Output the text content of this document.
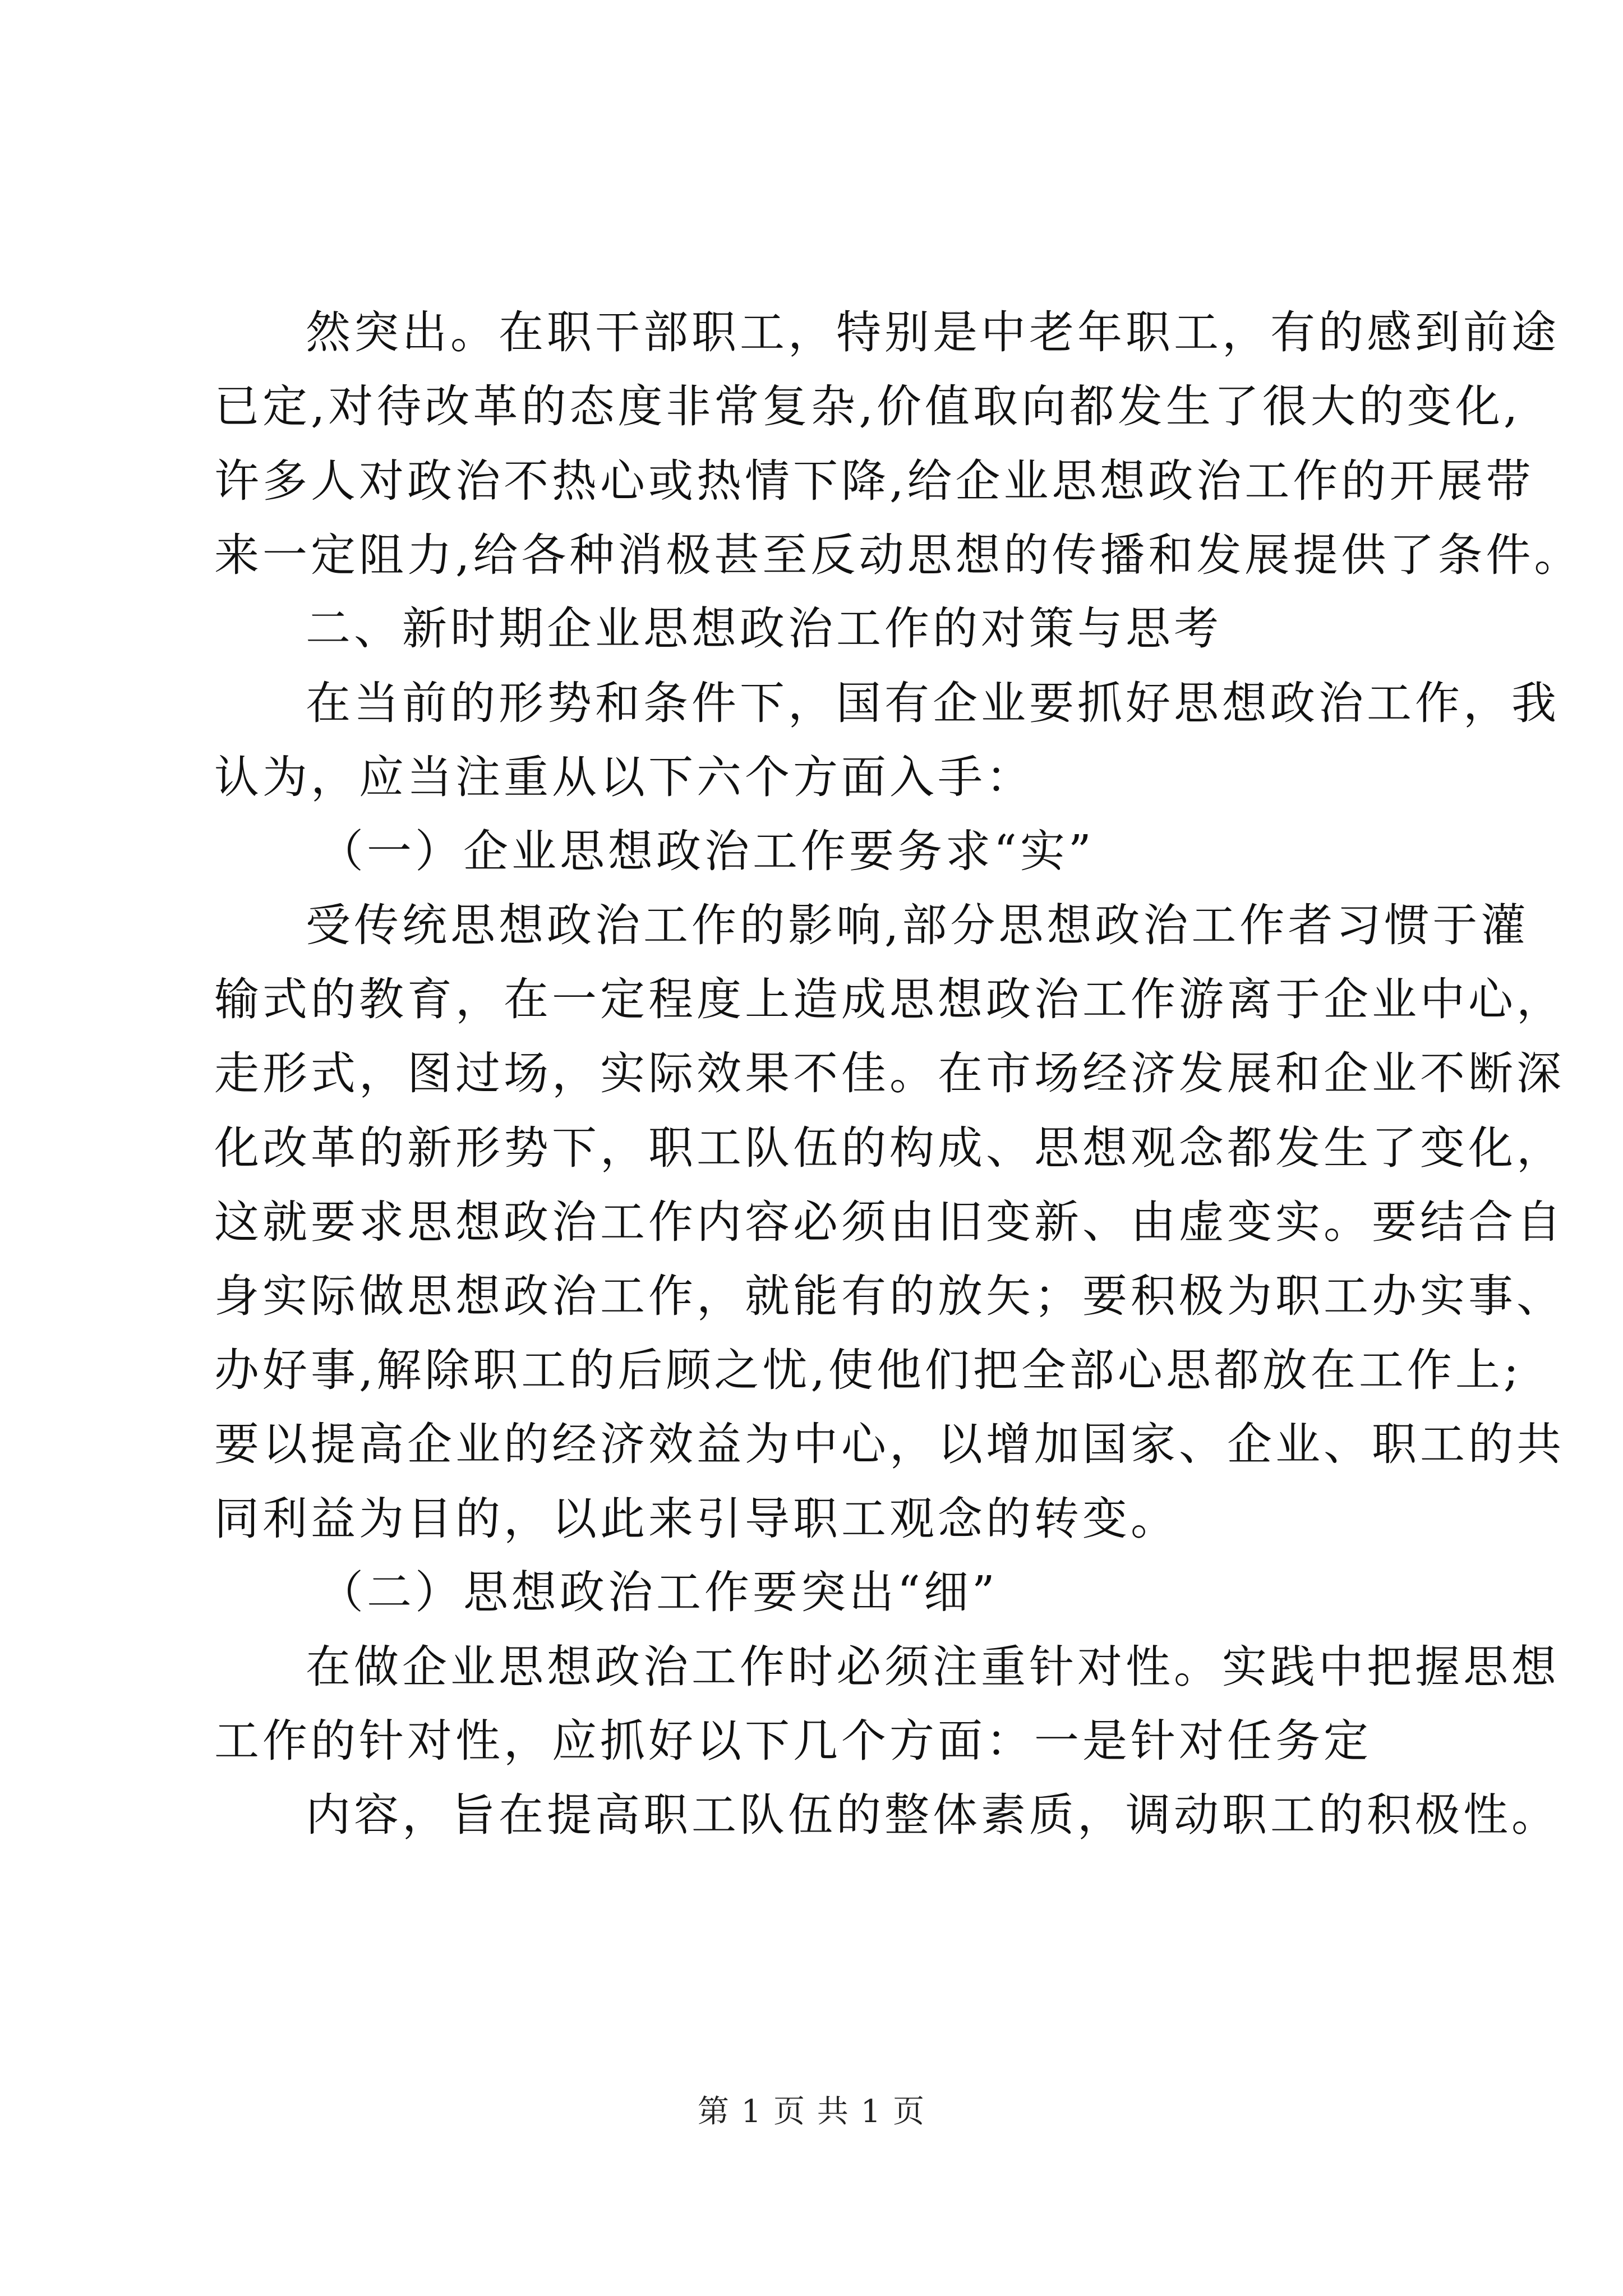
然突出。在职干部职工，特别是中老年职工，有的感到前途
已定,对待改革的态度非常复杂,价值取向都发生了很大的变化,
许多人对政治不热心或热情下降,给企业思想政治工作的开展带
来一定阻力,给各种消极甚至反动思想的传播和发展提供了条件。
二、新时期企业思想政治工作的对策与思考
在当前的形势和条件下，国有企业要抓好思想政治工作，我
认为，应当注重从以下六个方面入手：
（一）企业思想政治工作要务求“实”
受传统思想政治工作的影响,部分思想政治工作者习惯于灌
输式的教育，在一定程度上造成思想政治工作游离于企业中心，
走形式，图过场，实际效果不佳。在市场经济发展和企业不断深
化改革的新形势下，职工队伍的构成、思想观念都发生了变化，
这就要求思想政治工作内容必须由旧变新、由虚变实。要结合自
身实际做思想政治工作，就能有的放矢；要积极为职工办实事、
办好事,解除职工的后顾之忧,使他们把全部心思都放在工作上;
要以提高企业的经济效益为中心，以增加国家、企业、职工的共
同利益为目的，以此来引导职工观念的转变。
（二）思想政治工作要突出“细”
在做企业思想政治工作时必须注重针对性。实践中把握思想
工作的针对性，应抓好以下几个方面：一是针对任务定
内容，旨在提高职工队伍的整体素质，调动职工的积极性。
第 1 页 共 1 页
